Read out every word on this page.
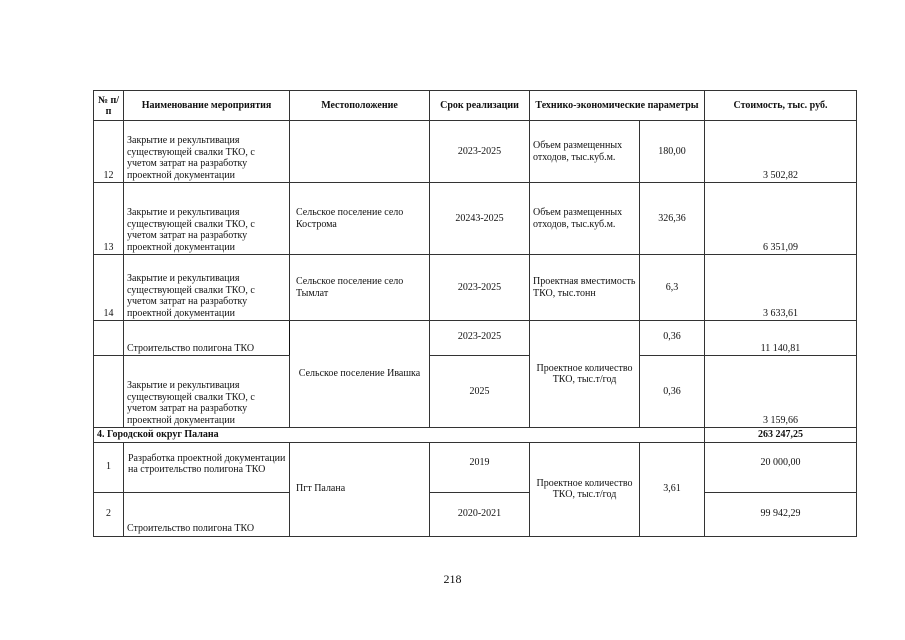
№ п/п	Наименование мероприятия	Местоположение	Срок реализации	Технико-экономические параметры		Стоимость, тыс. руб.
12	Закрытие и рекультивация существующей свалки ТКО, с учетом затрат на разработку проектной документации		2023-2025	Объем размещенных отходов, тыс.куб.м.	180,00	3 502,82
13	Закрытие и рекультивация существующей свалки ТКО, с учетом затрат на разработку проектной документации	Сельское поселение село Кострома	20243-2025	Объем размещенных отходов, тыс.куб.м.	326,36	6 351,09
14	Закрытие и рекультивация существующей свалки ТКО, с учетом затрат на разработку проектной документации	Сельское поселение село Тымлат	2023-2025	Проектная вместимость ТКО, тыс.тонн	6,3	3 633,61
	Строительство полигона ТКО	Сельское поселение Ивашка	2023-2025	Проектное количество ТКО, тыс.т/год	0,36	11 140,81
	Закрытие и рекультивация существующей свалки ТКО, с учетом затрат на разработку проектной документации		2025		0,36	3 159,66
4. Городской округ Палана						263 247,25
1	Разработка проектной документации на строительство полигона ТКО	Пгт Палана	2019	Проектное количество ТКО, тыс.т/год	3,61	20 000,00
2	Строительство полигона ТКО		2020-2021			99 942,29
218
